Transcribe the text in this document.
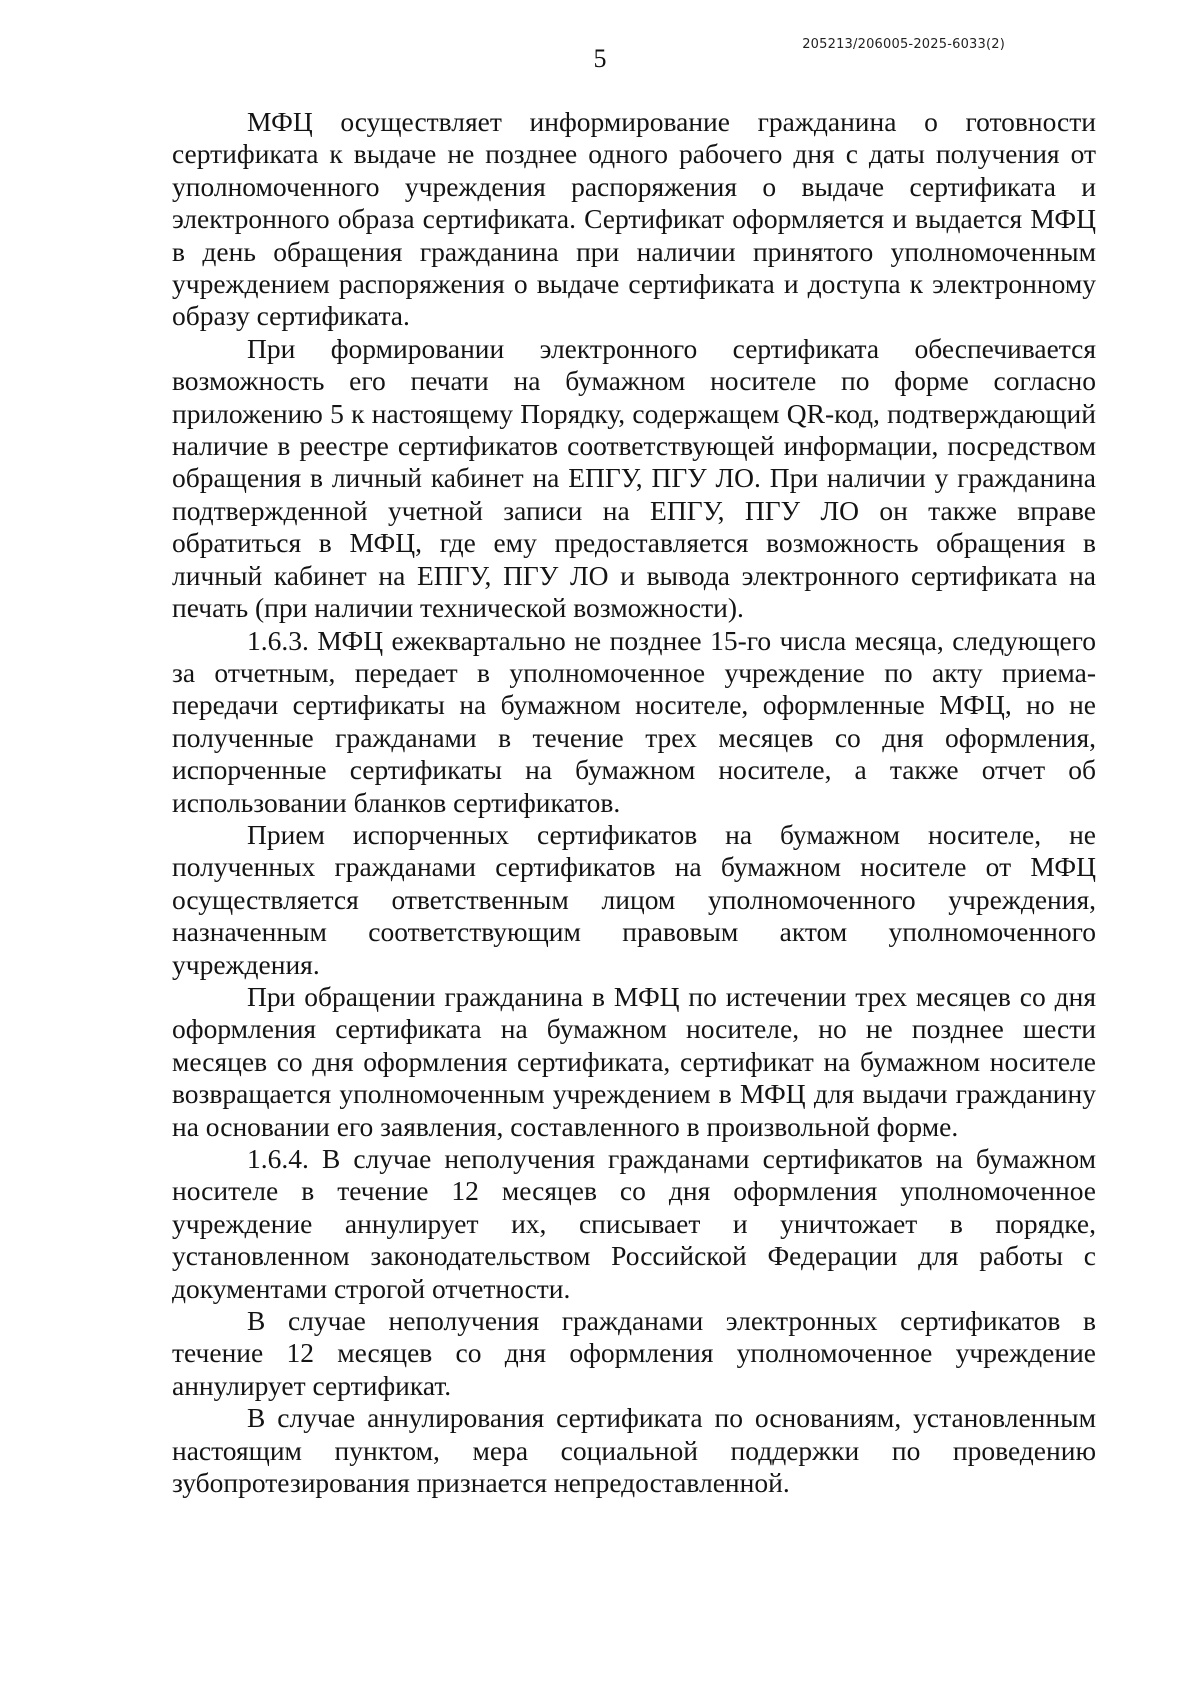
205213/206005-2025-6033(2)
5

МФЦ осуществляет информирование гражданина о готовности сертификата к выдаче не позднее одного рабочего дня с даты получения от уполномоченного учреждения распоряжения о выдаче сертификата и электронного образа сертификата. Сертификат оформляется и выдается МФЦ в день обращения гражданина при наличии принятого уполномоченным учреждением распоряжения о выдаче сертификата и доступа к электронному образу сертификата.

При формировании электронного сертификата обеспечивается возможность его печати на бумажном носителе по форме согласно приложению 5 к настоящему Порядку, содержащем QR-код, подтверждающий наличие в реестре сертификатов соответствующей информации, посредством обращения в личный кабинет на ЕПГУ, ПГУ ЛО. При наличии у гражданина подтвержденной учетной записи на ЕПГУ, ПГУ ЛО он также вправе обратиться в МФЦ, где ему предоставляется возможность обращения в личный кабинет на ЕПГУ, ПГУ ЛО и вывода электронного сертификата на печать (при наличии технической возможности).

1.6.3. МФЦ ежеквартально не позднее 15-го числа месяца, следующего за отчетным, передает в уполномоченное учреждение по акту приема-передачи сертификаты на бумажном носителе, оформленные МФЦ, но не полученные гражданами в течение трех месяцев со дня оформления, испорченные сертификаты на бумажном носителе, а также отчет об использовании бланков сертификатов.

Прием испорченных сертификатов на бумажном носителе, не полученных гражданами сертификатов на бумажном носителе от МФЦ осуществляется ответственным лицом уполномоченного учреждения, назначенным соответствующим правовым актом уполномоченного учреждения.

При обращении гражданина в МФЦ по истечении трех месяцев со дня оформления сертификата на бумажном носителе, но не позднее шести месяцев со дня оформления сертификата, сертификат на бумажном носителе возвращается уполномоченным учреждением в МФЦ для выдачи гражданину на основании его заявления, составленного в произвольной форме.

1.6.4. В случае неполучения гражданами сертификатов на бумажном носителе в течение 12 месяцев со дня оформления уполномоченное учреждение аннулирует их, списывает и уничтожает в порядке, установленном законодательством Российской Федерации для работы с документами строгой отчетности.

В случае неполучения гражданами электронных сертификатов в течение 12 месяцев со дня оформления уполномоченное учреждение аннулирует сертификат.

В случае аннулирования сертификата по основаниям, установленным настоящим пунктом, мера социальной поддержки по проведению зубопротезирования признается непредоставленной.
